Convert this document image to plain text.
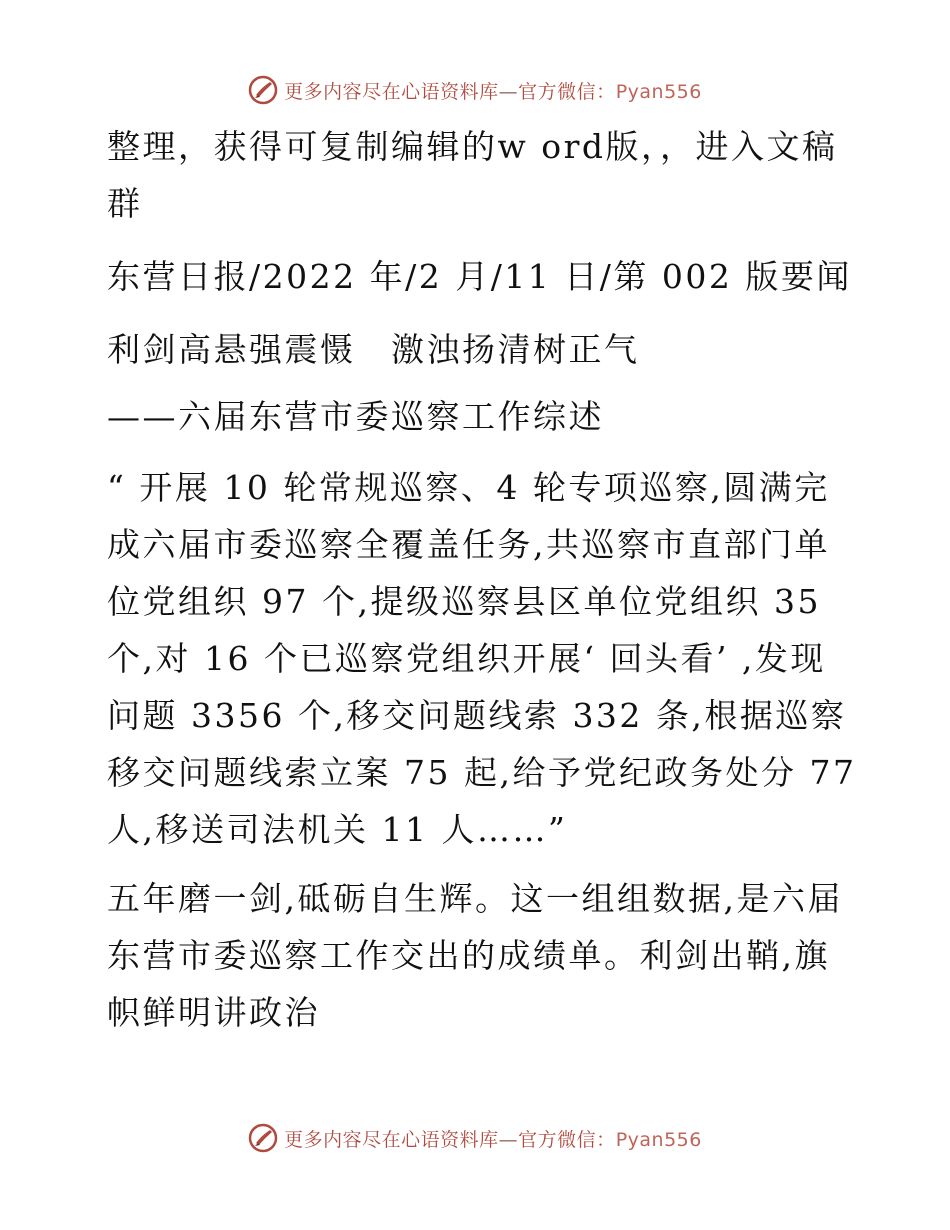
更多内容尽在心语资料库—官方微信：Pyan556

整理，获得可复制编辑的w ord版，，进入文稿群

东营日报/2022 年/2 月/11 日/第 002 版要闻

利剑高悬强震慑　激浊扬清树正气

——六届东营市委巡察工作综述

“ 开展 10 轮常规巡察、4 轮专项巡察,圆满完成六届市委巡察全覆盖任务,共巡察市直部门单位党组织 97 个,提级巡察县区单位党组织 35 个,对 16 个已巡察党组织开展‘ 回头看’ ,发现问题 3356 个,移交问题线索 332 条,根据巡察移交问题线索立案 75 起,给予党纪政务处分 77 人,移送司法机关 11 人……”

五年磨一剑,砥砺自生辉。这一组组数据,是六届东营市委巡察工作交出的成绩单。利剑出鞘,旗帜鲜明讲政治

更多内容尽在心语资料库—官方微信：Pyan556
